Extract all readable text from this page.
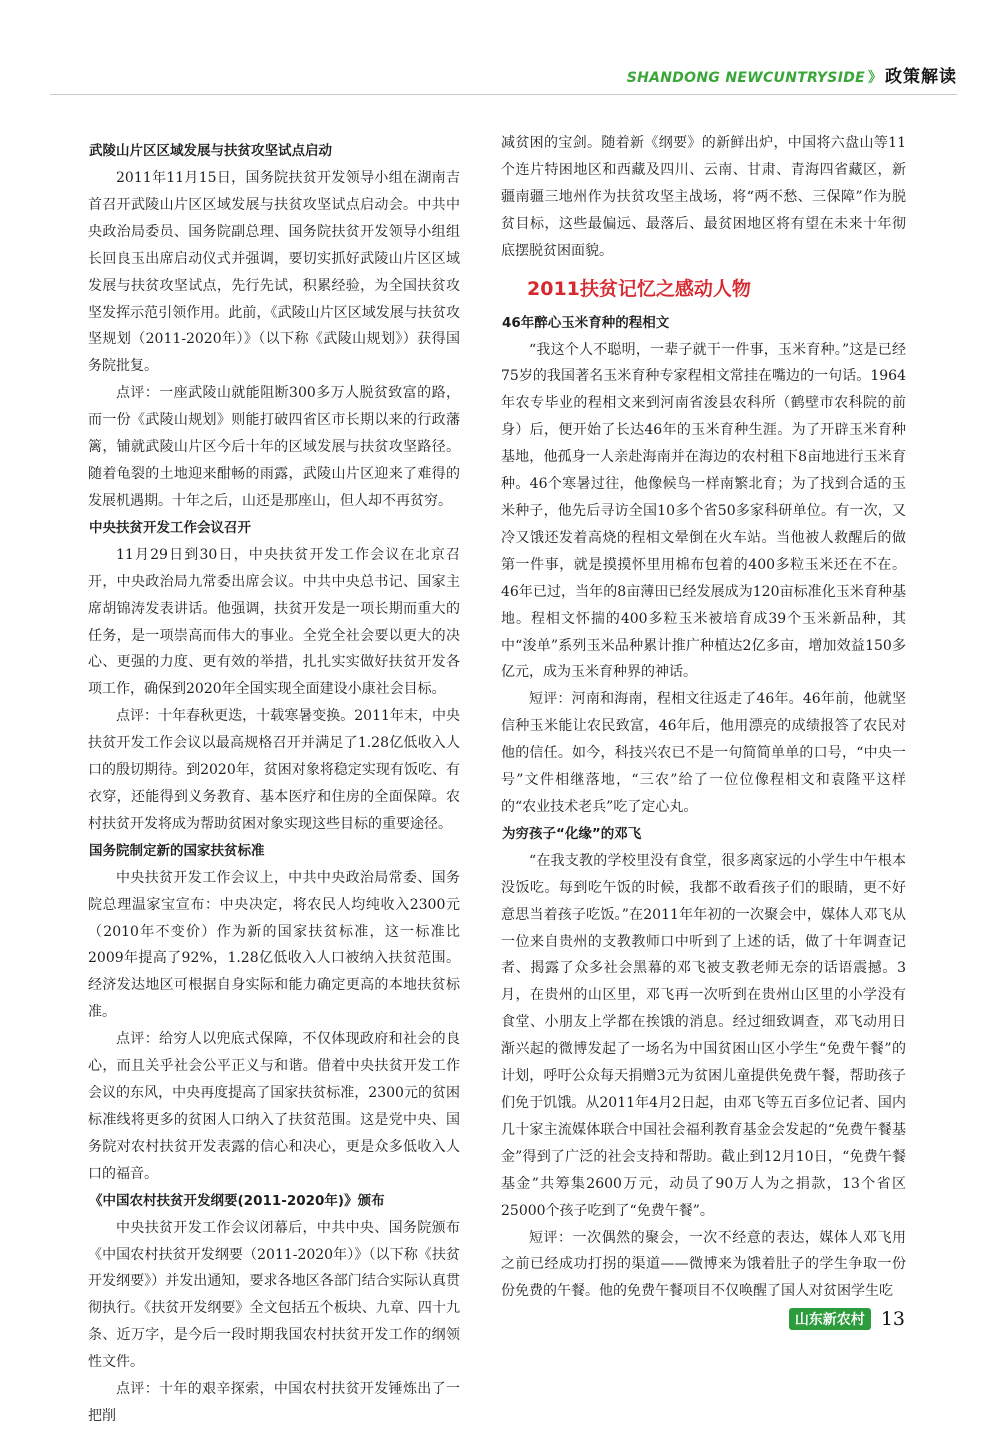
SHANDONG NEWCUNTRYSIDE 》 政策解读
武陵山片区区域发展与扶贫攻坚试点启动

2011年11月15日，国务院扶贫开发领导小组在湖南吉首召开武陵山片区区域发展与扶贫攻坚试点启动会。中共中央政治局委员、国务院副总理、国务院扶贫开发领导小组组长回良玉出席启动仪式并强调，要切实抓好武陵山片区区域发展与扶贫攻坚试点，先行先试，积累经验，为全国扶贫攻坚发挥示范引领作用。此前，《武陵山片区区域发展与扶贫攻坚规划（2011-2020年）》（以下称《武陵山规划》）获得国务院批复。

点评：一座武陵山就能阻断300多万人脱贫致富的路，而一份《武陵山规划》则能打破四省区市长期以来的行政藩篱，铺就武陵山片区今后十年的区域发展与扶贫攻坚路径。随着龟裂的土地迎来酣畅的雨露，武陵山片区迎来了难得的发展机遇期。十年之后，山还是那座山，但人却不再贫穷。

中央扶贫开发工作会议召开

11月29日到30日，中央扶贫开发工作会议在北京召开，中央政治局九常委出席会议。中共中央总书记、国家主席胡锦涛发表讲话。他强调，扶贫开发是一项长期而重大的任务，是一项崇高而伟大的事业。全党全社会要以更大的决心、更强的力度、更有效的举措，扎扎实实做好扶贫开发各项工作，确保到2020年全国实现全面建设小康社会目标。

点评：十年春秋更迭，十载寒暑变换。2011年末，中央扶贫开发工作会议以最高规格召开并满足了1.28亿低收入人口的殷切期待。到2020年，贫困对象将稳定实现有饭吃、有衣穿，还能得到义务教育、基本医疗和住房的全面保障。农村扶贫开发将成为帮助贫困对象实现这些目标的重要途径。

国务院制定新的国家扶贫标准

中央扶贫开发工作会议上，中共中央政治局常委、国务院总理温家宝宣布：中央决定，将农民人均纯收入2300元（2010年不变价）作为新的国家扶贫标准，这一标准比2009年提高了92%，1.28亿低收入人口被纳入扶贫范围。经济发达地区可根据自身实际和能力确定更高的本地扶贫标准。

点评：给穷人以兜底式保障，不仅体现政府和社会的良心，而且关乎社会公平正义与和谐。借着中央扶贫开发工作会议的东风，中央再度提高了国家扶贫标准，2300元的贫困标准线将更多的贫困人口纳入了扶贫范围。这是党中央、国务院对农村扶贫开发表露的信心和决心，更是众多低收入人口的福音。

《中国农村扶贫开发纲要(2011-2020年)》颁布

中央扶贫开发工作会议闭幕后，中共中央、国务院颁布《中国农村扶贫开发纲要（2011-2020年）》（以下称《扶贫开发纲要》）并发出通知，要求各地区各部门结合实际认真贯彻执行。《扶贫开发纲要》全文包括五个板块、九章、四十九条、近万字，是今后一段时期我国农村扶贫开发工作的纲领性文件。

点评：十年的艰辛探索，中国农村扶贫开发锤炼出了一把削

减贫困的宝剑。随着新《纲要》的新鲜出炉，中国将六盘山等11个连片特困地区和西藏及四川、云南、甘肃、青海四省藏区，新疆南疆三地州作为扶贫攻坚主战场，将“两不愁、三保障”作为脱贫目标，这些最偏远、最落后、最贫困地区将有望在未来十年彻底摆脱贫困面貌。

2011扶贫记忆之感动人物
46年醉心玉米育种的程相文

“我这个人不聪明，一辈子就干一件事，玉米育种。”这是已经75岁的我国著名玉米育种专家程相文常挂在嘴边的一句话。1964年农专毕业的程相文来到河南省浚县农科所（鹤壁市农科院的前身）后，便开始了长达46年的玉米育种生涯。为了开辟玉米育种基地，他孤身一人亲赴海南并在海边的农村租下8亩地进行玉米育种。46个寒暑过往，他像候鸟一样南繁北育；为了找到合适的玉米种子，他先后寻访全国10多个省50多家科研单位。有一次，又冷又饿还发着高烧的程相文晕倒在火车站。当他被人救醒后的做第一件事，就是摸摸怀里用棉布包着的400多粒玉米还在不在。46年已过，当年的8亩薄田已经发展成为120亩标准化玉米育种基地。程相文怀揣的400多粒玉米被培育成39个玉米新品种，其中“浚单”系列玉米品种累计推广种植达2亿多亩，增加效益150多亿元，成为玉米育种界的神话。

短评：河南和海南，程相文往返走了46年。46年前，他就坚信种玉米能让农民致富，46年后，他用漂亮的成绩报答了农民对他的信任。如今，科技兴农已不是一句简简单单的口号，“中央一号”文件相继落地，“三农”给了一位位像程相文和袁隆平这样的“农业技术老兵”吃了定心丸。

为穷孩子“化缘”的邓飞

“在我支教的学校里没有食堂，很多离家远的小学生中午根本没饭吃。每到吃午饭的时候，我都不敢看孩子们的眼睛，更不好意思当着孩子吃饭。”在2011年年初的一次聚会中，媒体人邓飞从一位来自贵州的支教教师口中听到了上述的话，做了十年调查记者、揭露了众多社会黑幕的邓飞被支教老师无奈的话语震撼。3月，在贵州的山区里，邓飞再一次听到在贵州山区里的小学没有食堂、小朋友上学都在挨饿的消息。经过细致调查，邓飞动用日渐兴起的微博发起了一场名为中国贫困山区小学生“免费午餐”的计划，呼吁公众每天捐赠3元为贫困儿童提供免费午餐，帮助孩子们免于饥饿。从2011年4月2日起，由邓飞等五百多位记者、国内几十家主流媒体联合中国社会福利教育基金会发起的“免费午餐基金”得到了广泛的社会支持和帮助。截止到12月10日，“免费午餐基金”共筹集2600万元，动员了90万人为之捐款，13个省区25000个孩子吃到了“免费午餐”。

短评：一次偶然的聚会，一次不经意的表达，媒体人邓飞用之前已经成功打拐的渠道——微博来为饿着肚子的学生争取一份份免费的午餐。他的免费午餐项目不仅唤醒了国人对贫困学生吃

山东新农村 13
